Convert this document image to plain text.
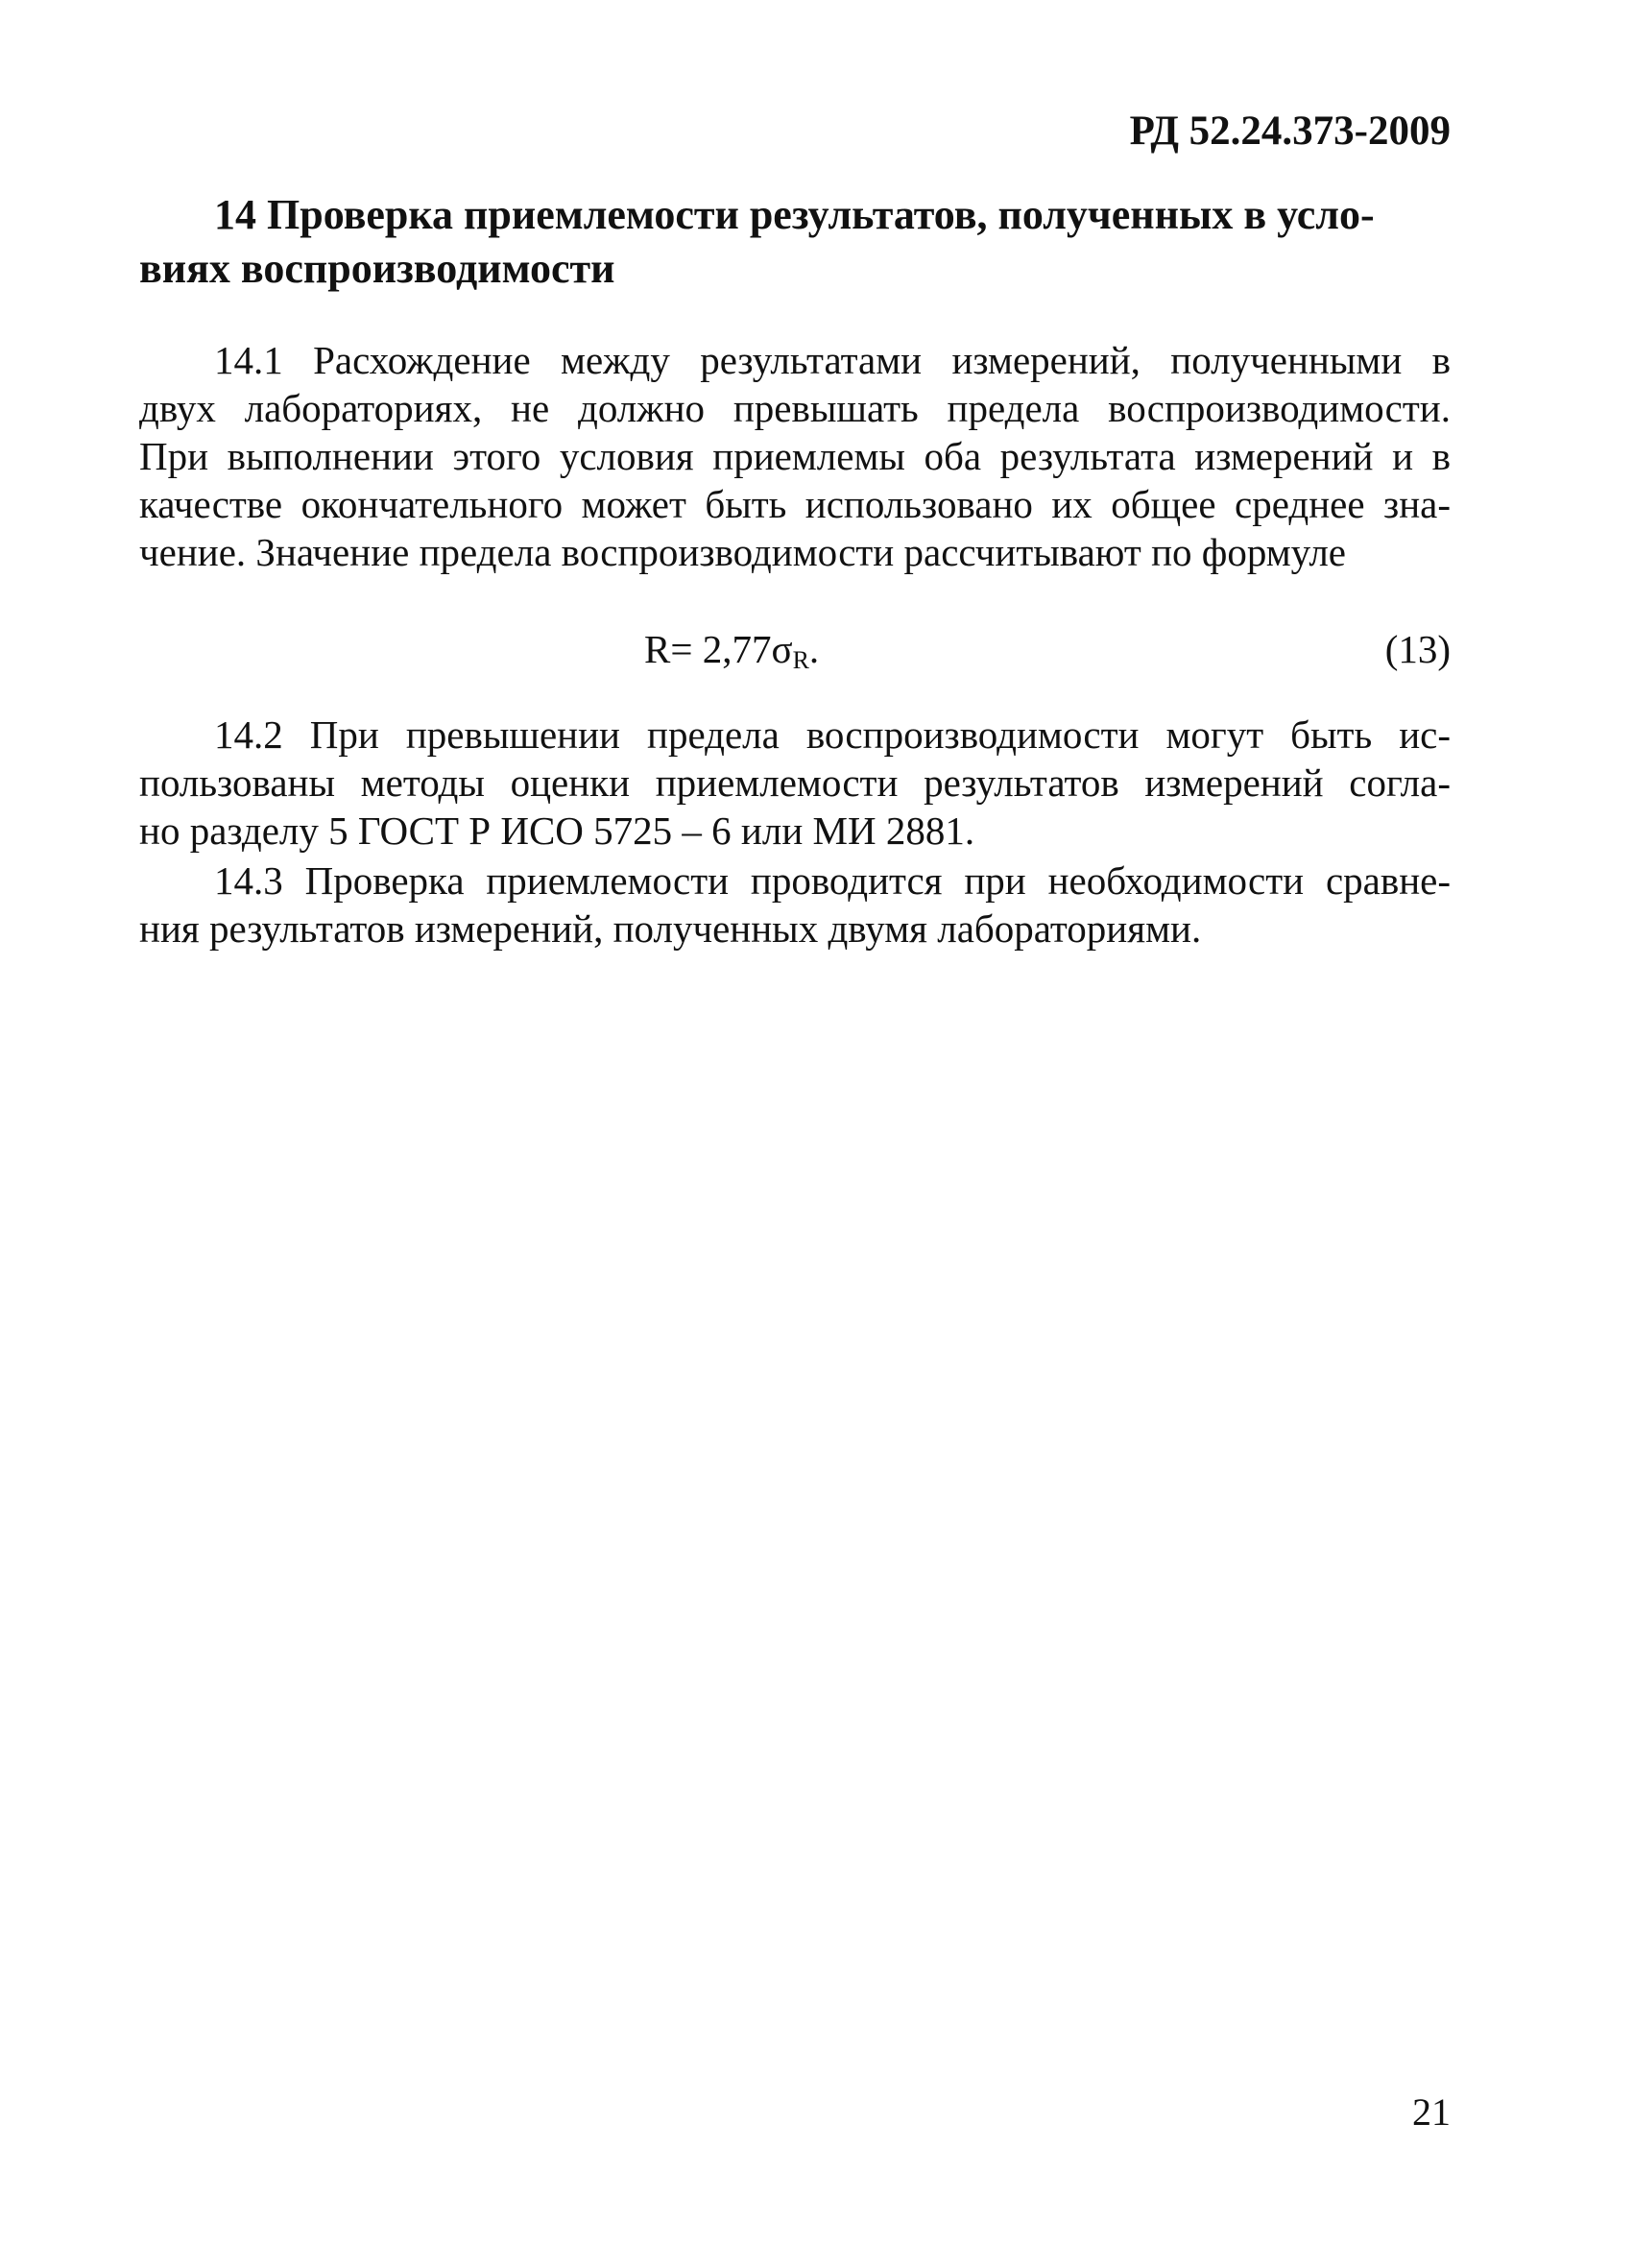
РД 52.24.373-2009
14 Проверка приемлемости результатов, полученных в усло-
виях воспроизводимости
14.1 Расхождение между результатами измерений, полученными в
двух лабораториях, не должно превышать предела воспроизводимости.
При выполнении этого условия приемлемы оба результата измерений и в
качестве окончательного может быть использовано их общее среднее зна-
чение. Значение предела воспроизводимости рассчитывают по формуле
$R= 2,77\sigma_R$.	(13)
14.2 При превышении предела воспроизводимости могут быть ис-
пользованы методы оценки приемлемости результатов измерений согла-
но разделу 5 ГОСТ Р ИСО 5725 – 6 или МИ 2881.
14.3 Проверка приемлемости проводится при необходимости сравне-
ния результатов измерений, полученных двумя лабораториями.
21
